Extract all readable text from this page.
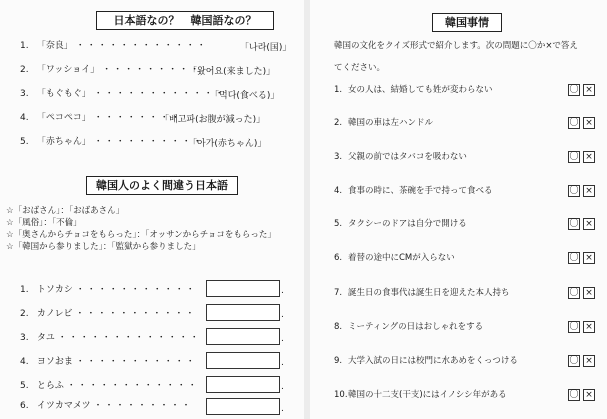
日本語なの？　韓国語なの？
1. 「奈良」 ・・・・・・・・・・・・	「나라(国)」
2. 「ワッショイ」 ・・・・・・・・・
「왔어요(来ました)」
3. 「もぐもぐ」 ・・・・・・・・・・・・
「먹다(食べる)」
4. 「ペコペコ」 ・・・・・・・・
「배고파(お腹が減った)」
5. 「赤ちゃん」 ・・・・・・・・・・
「아가(赤ちゃん)」
韓国人のよく間違う日本語
☆「おばさん」：「おばあさん」
☆「風俗」：「不倫」
☆「奥さんからチョコをもらった」：「オッサンからチョコをもらった」
☆「韓国から参りました」：「監獄から参りました」
1. トソカシ ・・・・・・・・・・・	.
2. カノレビ ・・・・・・・・・・・	.
3. タユ ・・・・・・・・・・・・・	.
4. ヨソおま ・・・・・・・・・・・	.
5. とらふ ・・・・・・・・・・・・	.
6. イツカマメツ ・・・・・・・・・	.
韓国事情
韓国の文化をクイズ形式で紹介します。次の問題に〇か×で答え
てください。
1. 女の人は、結婚しても姓が変わらない	〇 ×
2. 韓国の車は左ハンドル	〇 ×
3. 父親の前ではタバコを吸わない	〇 ×
4. 食事の時に、茶碗を手で持って食べる	〇 ×
5. タクシーのドアは自分で開ける	〇 ×
6. 着替の途中にCMが入らない	〇 ×
7. 誕生日の食事代は誕生日を迎えた本人持ち	〇 ×
8. ミーティングの日はおしゃれをする	〇 ×
9. 大学入試の日には校門に水あめをくっつける	〇 ×
10.韓国の十二支(干支)にはイノシシ年がある	〇 ×
